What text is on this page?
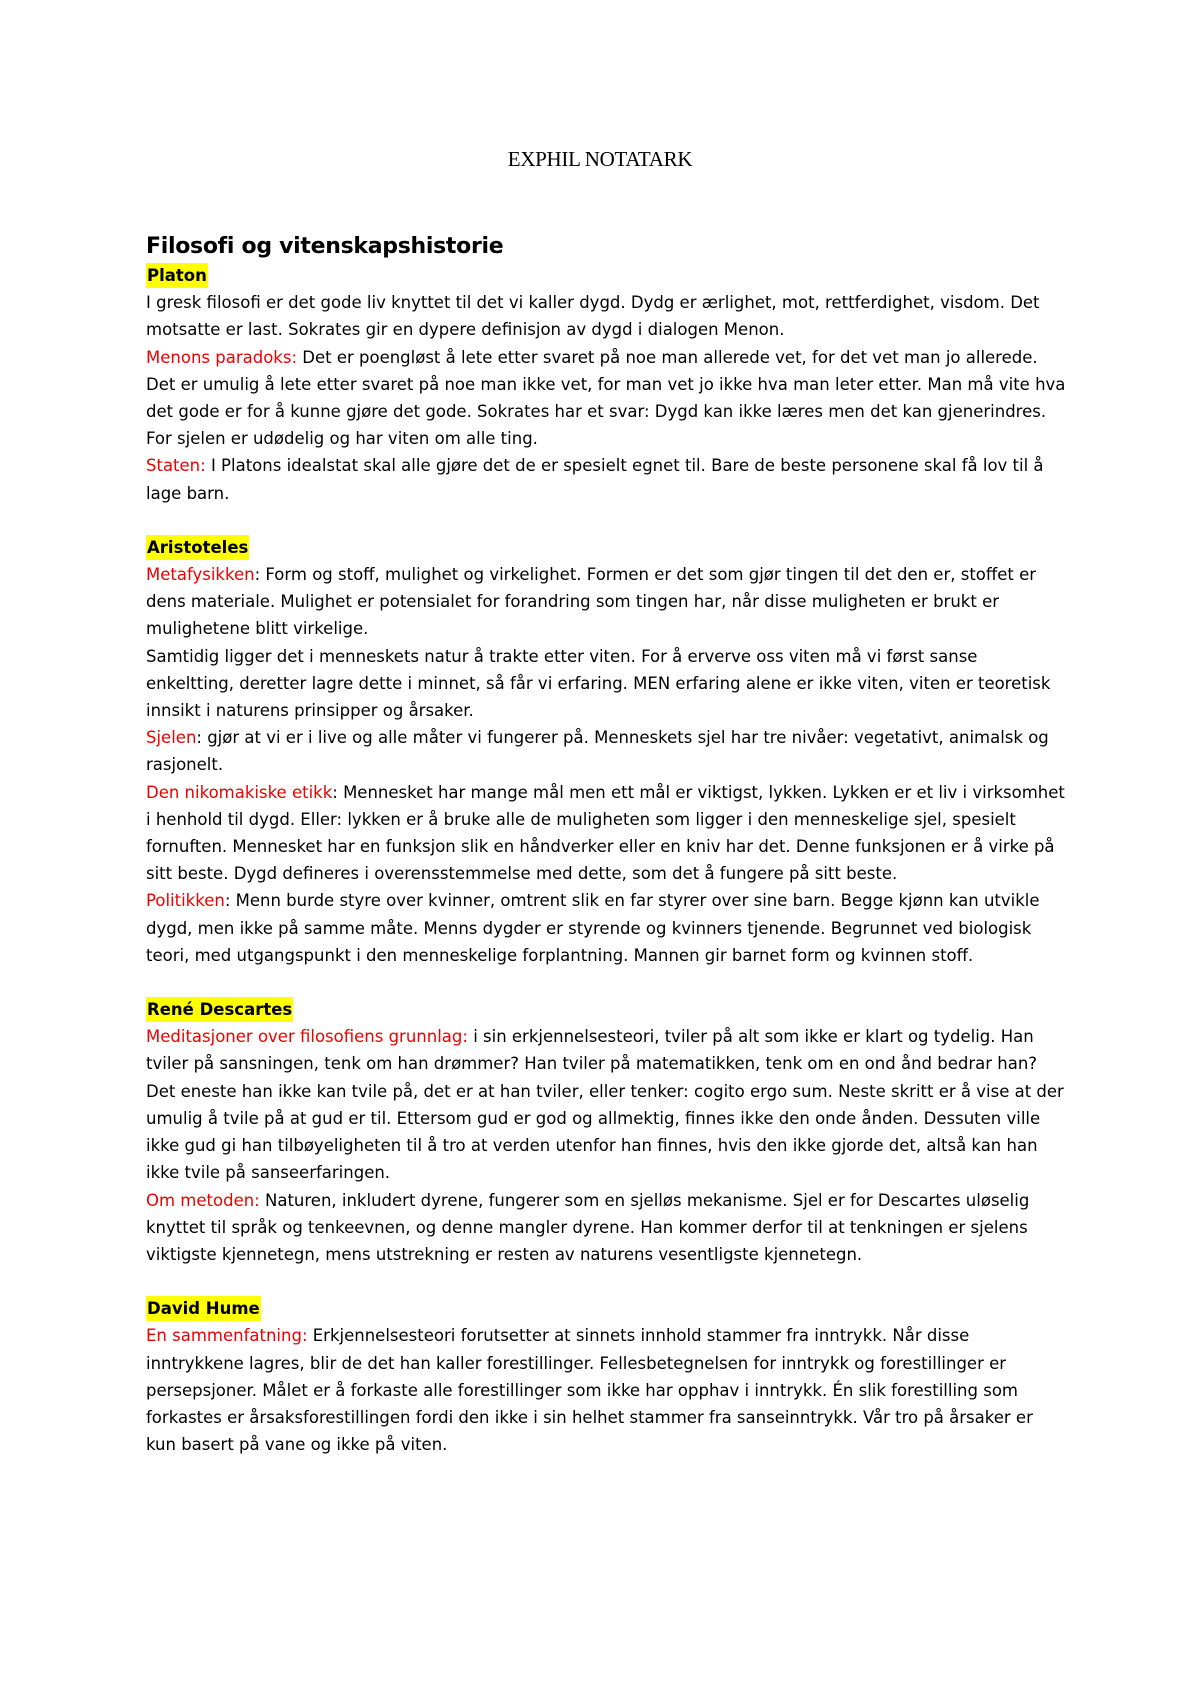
EXPHIL NOTATARK
Filosofi og vitenskapshistorie
Platon

I gresk filosofi er det gode liv knyttet til det vi kaller dygd. Dydg er ærlighet, mot, rettferdighet, visdom. Det motsatte er last. Sokrates gir en dypere definisjon av dygd i dialogen Menon.

Menons paradoks: Det er poengløst å lete etter svaret på noe man allerede vet, for det vet man jo allerede. Det er umulig å lete etter svaret på noe man ikke vet, for man vet jo ikke hva man leter etter. Man må vite hva det gode er for å kunne gjøre det gode. Sokrates har et svar: Dygd kan ikke læres men det kan gjenerindres. For sjelen er udødelig og har viten om alle ting.

Staten: I Platons idealstat skal alle gjøre det de er spesielt egnet til. Bare de beste personene skal få lov til å lage barn.

Aristoteles

Metafysikken: Form og stoff, mulighet og virkelighet. Formen er det som gjør tingen til det den er, stoffet er dens materiale. Mulighet er potensialet for forandring som tingen har, når disse muligheten er brukt er mulighetene blitt virkelige.

Samtidig ligger det i menneskets natur å trakte etter viten. For å erverve oss viten må vi først sanse enkeltting, deretter lagre dette i minnet, så får vi erfaring. MEN erfaring alene er ikke viten, viten er teoretisk innsikt i naturens prinsipper og årsaker.

Sjelen: gjør at vi er i live og alle måter vi fungerer på. Menneskets sjel har tre nivåer: vegetativt, animalsk og rasjonelt.

Den nikomakiske etikk: Mennesket har mange mål men ett mål er viktigst, lykken. Lykken er et liv i virksomhet i henhold til dygd. Eller: lykken er å bruke alle de muligheten som ligger i den menneskelige sjel, spesielt fornuften. Mennesket har en funksjon slik en håndverker eller en kniv har det. Denne funksjonen er å virke på sitt beste. Dygd defineres i overensstemmelse med dette, som det å fungere på sitt beste.

Politikken: Menn burde styre over kvinner, omtrent slik en far styrer over sine barn. Begge kjønn kan utvikle dygd, men ikke på samme måte. Menns dygder er styrende og kvinners tjenende. Begrunnet ved biologisk teori, med utgangspunkt i den menneskelige forplantning. Mannen gir barnet form og kvinnen stoff.

René Descartes

Meditasjoner over filosofiens grunnlag: i sin erkjennelsesteori, tviler på alt som ikke er klart og tydelig. Han tviler på sansningen, tenk om han drømmer? Han tviler på matematikken, tenk om en ond ånd bedrar han? Det eneste han ikke kan tvile på, det er at han tviler, eller tenker: cogito ergo sum. Neste skritt er å vise at der umulig å tvile på at gud er til. Ettersom gud er god og allmektig, finnes ikke den onde ånden. Dessuten ville ikke gud gi han tilbøyeligheten til å tro at verden utenfor han finnes, hvis den ikke gjorde det, altså kan han ikke tvile på sanseerfaringen.

Om metoden: Naturen, inkludert dyrene, fungerer som en sjelløs mekanisme. Sjel er for Descartes uløselig knyttet til språk og tenkeevnen, og denne mangler dyrene. Han kommer derfor til at tenkningen er sjelens viktigste kjennetegn, mens utstrekning er resten av naturens vesentligste kjennetegn.

David Hume

En sammenfatning: Erkjennelsesteori forutsetter at sinnets innhold stammer fra inntrykk. Når disse inntrykkene lagres, blir de det han kaller forestillinger. Fellesbetegnelsen for inntrykk og forestillinger er persepsjoner. Målet er å forkaste alle forestillinger som ikke har opphav i inntrykk. Én slik forestilling som forkastes er årsaksforestillingen fordi den ikke i sin helhet stammer fra sanseinntrykk. Vår tro på årsaker er kun basert på vane og ikke på viten.
